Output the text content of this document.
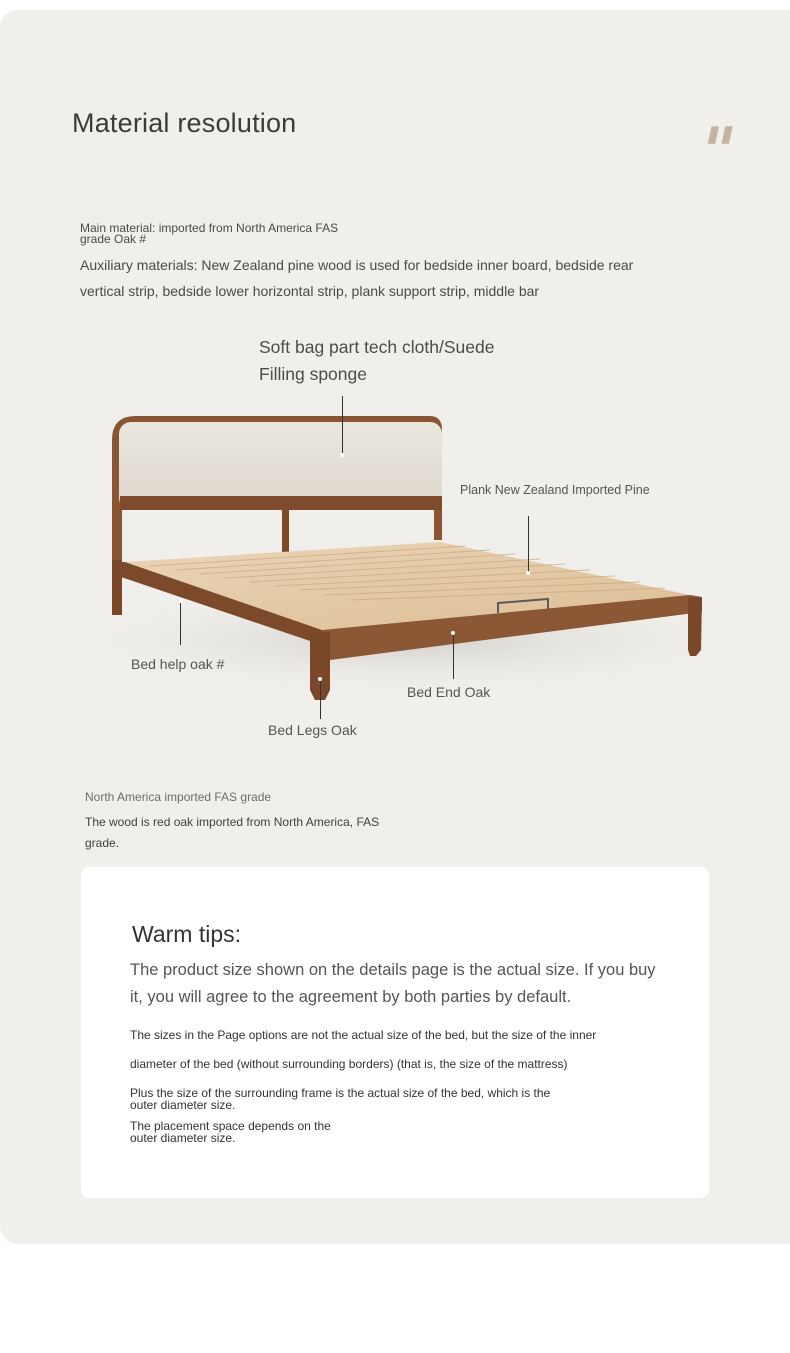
Material resolution	"
Main material: imported from North America FAS
grade Oak #
Auxiliary materials: New Zealand pine wood is used for bedside inner board, bedside rear vertical strip, bedside lower horizontal strip, plank support strip, middle bar
Soft bag part tech cloth/Suede
Filling sponge
Plank New Zealand Imported Pine
Bed help oak #
Bed End Oak
Bed Legs Oak
North America imported FAS grade
The wood is red oak imported from North America, FAS grade.
Warm tips:
The product size shown on the details page is the actual size. If you buy it, you will agree to the agreement by both parties by default.
The sizes in the Page options are not the actual size of the bed, but the size of the inner
diameter of the bed (without surrounding borders) (that is, the size of the mattress)
Plus the size of the surrounding frame is the actual size of the bed, which is the
outer diameter size.
The placement space depends on the
outer diameter size.
